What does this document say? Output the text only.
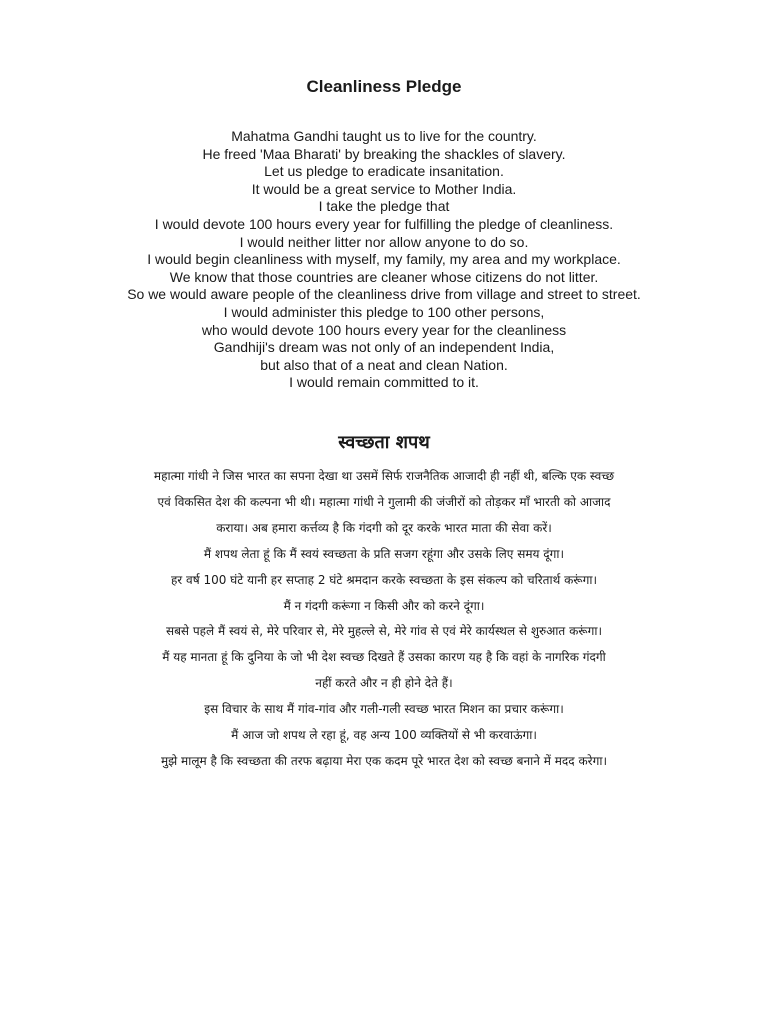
Cleanliness Pledge
Mahatma Gandhi taught us to live for the country.
He freed 'Maa Bharati' by breaking the shackles of slavery.
Let us pledge to eradicate insanitation.
It would be a great service to Mother India.
I take the pledge that
I would devote 100 hours every year for fulfilling the pledge of cleanliness.
I would neither litter nor allow anyone to do so.
I would begin cleanliness with myself, my family, my area and my workplace.
We know that those countries are cleaner whose citizens do not litter.
So we would aware people of the cleanliness drive from village and street to street.
I would administer this pledge to 100 other persons,
who would devote 100 hours every year for the cleanliness
Gandhiji's dream was not only of an independent India,
but also that of a neat and clean Nation.
I would remain committed to it.
स्वच्छता शपथ
महात्मा गांधी ने जिस भारत का सपना देखा था उसमें सिर्फ राजनैतिक आजादी ही नहीं थी, बल्कि एक स्वच्छ
एवं विकसित देश की कल्पना भी थी। महात्मा गांधी ने गुलामी की जंजीरों को तोड़कर माँ भारती को आजाद
कराया। अब हमारा कर्त्तव्य है कि गंदगी को दूर करके भारत माता की सेवा करें।
मैं शपथ लेता हूं कि मैं स्वयं स्वच्छता के प्रति सजग रहूंगा और उसके लिए समय दूंगा।
हर वर्ष 100 घंटे यानी हर सप्ताह 2 घंटे श्रमदान करके स्वच्छता के इस संकल्प को चरितार्थ करूंगा।
मैं न गंदगी करूंगा न किसी और को करने दूंगा।
सबसे पहले मैं स्वयं से, मेरे परिवार से, मेरे मुहल्ले से, मेरे गांव से एवं मेरे कार्यस्थल से शुरुआत करूंगा।
मैं यह मानता हूं कि दुनिया के जो भी देश स्वच्छ दिखते हैं उसका कारण यह है कि वहां के नागरिक गंदगी
नहीं करते और न ही होने देते हैं।
इस विचार के साथ मैं गांव-गांव और गली-गली स्वच्छ भारत मिशन का प्रचार करूंगा।
मैं आज जो शपथ ले रहा हूं, वह अन्य 100 व्यक्तियों से भी करवाऊंगा।
मुझे मालूम है कि स्वच्छता की तरफ बढ़ाया मेरा एक कदम पूरे भारत देश को स्वच्छ बनाने में मदद करेगा।
